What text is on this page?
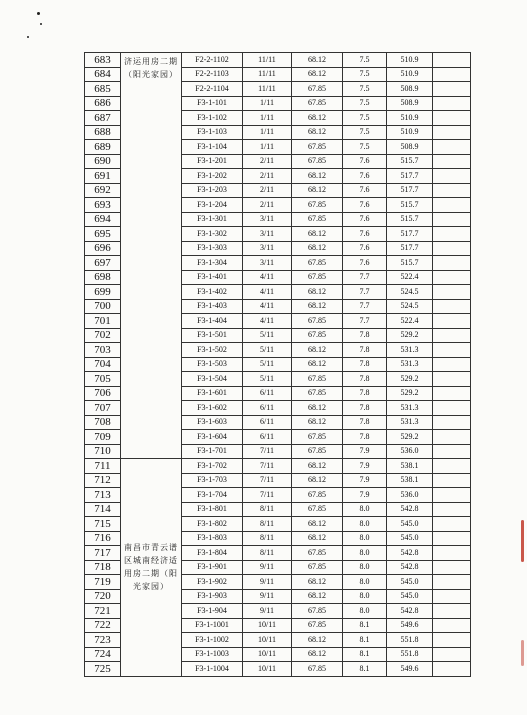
683	济运用房二期（阳光家园）	F2-2-1102	11/11	68.12	7.5	510.9	
684		F2-2-1103	11/11	68.12	7.5	510.9	
685		F2-2-1104	11/11	67.85	7.5	508.9	
686		F3-1-101	1/11	67.85	7.5	508.9	
687		F3-1-102	1/11	68.12	7.5	510.9	
688		F3-1-103	1/11	68.12	7.5	510.9	
689		F3-1-104	1/11	67.85	7.5	508.9	
690		F3-1-201	2/11	67.85	7.6	515.7	
691		F3-1-202	2/11	68.12	7.6	517.7	
692		F3-1-203	2/11	68.12	7.6	517.7	
693		F3-1-204	2/11	67.85	7.6	515.7	
694		F3-1-301	3/11	67.85	7.6	515.7	
695		F3-1-302	3/11	68.12	7.6	517.7	
696		F3-1-303	3/11	68.12	7.6	517.7	
697		F3-1-304	3/11	67.85	7.6	515.7	
698		F3-1-401	4/11	67.85	7.7	522.4	
699		F3-1-402	4/11	68.12	7.7	524.5	
700		F3-1-403	4/11	68.12	7.7	524.5	
701		F3-1-404	4/11	67.85	7.7	522.4	
702		F3-1-501	5/11	67.85	7.8	529.2	
703		F3-1-502	5/11	68.12	7.8	531.3	
704		F3-1-503	5/11	68.12	7.8	531.3	
705		F3-1-504	5/11	67.85	7.8	529.2	
706		F3-1-601	6/11	67.85	7.8	529.2	
707		F3-1-602	6/11	68.12	7.8	531.3	
708		F3-1-603	6/11	68.12	7.8	531.3	
709		F3-1-604	6/11	67.85	7.8	529.2	
710		F3-1-701	7/11	67.85	7.9	536.0	
711	南昌市青云谱区城南经济适用房二期（阳光家园）	F3-1-702	7/11	68.12	7.9	538.1	
712		F3-1-703	7/11	68.12	7.9	538.1	
713		F3-1-704	7/11	67.85	7.9	536.0	
714		F3-1-801	8/11	67.85	8.0	542.8	
715		F3-1-802	8/11	68.12	8.0	545.0	
716		F3-1-803	8/11	68.12	8.0	545.0	
717		F3-1-804	8/11	67.85	8.0	542.8	
718		F3-1-901	9/11	67.85	8.0	542.8	
719		F3-1-902	9/11	68.12	8.0	545.0	
720		F3-1-903	9/11	68.12	8.0	545.0	
721		F3-1-904	9/11	67.85	8.0	542.8	
722		F3-1-1001	10/11	67.85	8.1	549.6	
723		F3-1-1002	10/11	68.12	8.1	551.8	
724		F3-1-1003	10/11	68.12	8.1	551.8	
725		F3-1-1004	10/11	67.85	8.1	549.6	
